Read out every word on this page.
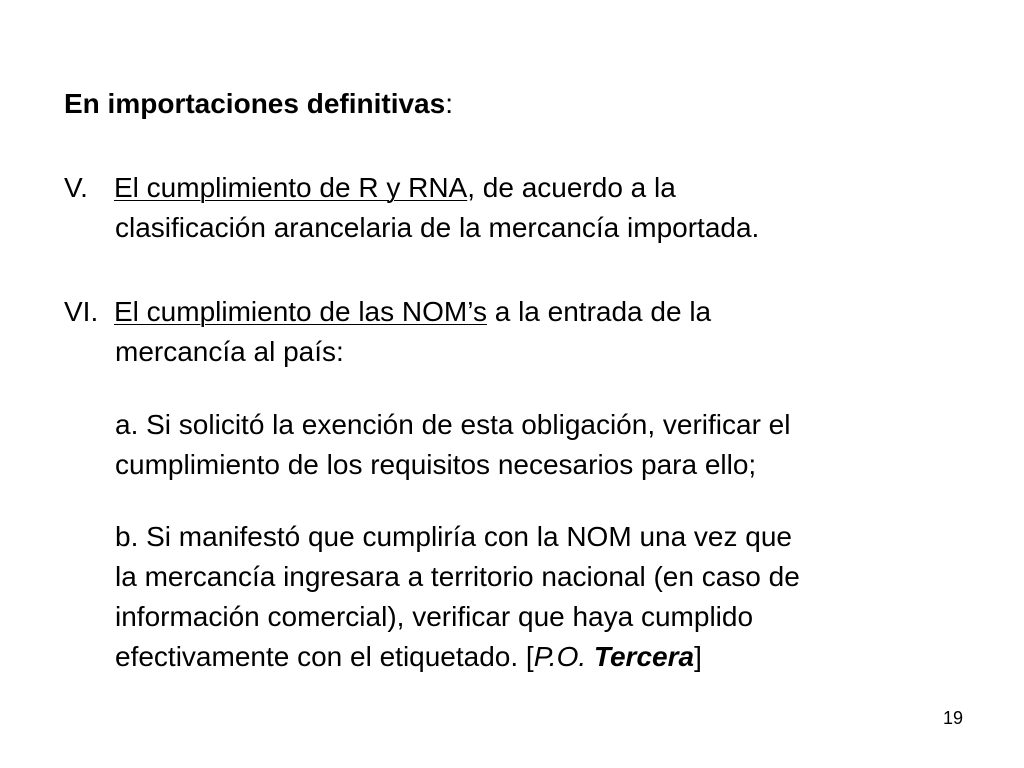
En importaciones definitivas:
V. El cumplimiento de R y RNA, de acuerdo a la
clasificación arancelaria de la mercancía importada.
VI. El cumplimiento de las NOM’s a la entrada de la
mercancía al país:
a. Si solicitó la exención de esta obligación, verificar el
cumplimiento de los requisitos necesarios para ello;
b. Si manifestó que cumpliría con la NOM una vez que
la mercancía ingresara a territorio nacional (en caso de
información comercial), verificar que haya cumplido
efectivamente con el etiquetado. [P.O. Tercera]
19
